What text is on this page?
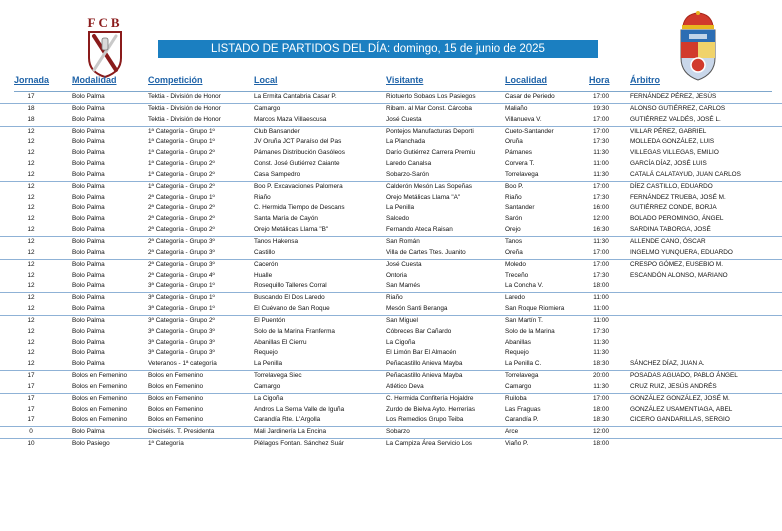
FCB
LISTADO DE PARTIDOS DEL DÍA: domingo, 15 de junio de 2025
Jornada	Modalidad	Competición	Local	Visitante	Localidad	Hora Árbitro
17	Bolo Palma	Tektia - División de Honor	La Ermita Cantabria Casar P.	Riotuerto Sobaos Los Pasiegos	Casar de Periedo	17:00	FERNÁNDEZ PÉREZ, JESÚS
18	Bolo Palma	Tektia - División de Honor	Camargo	Ribam. al Mar Const. Cárcoba	Maliaño	19:30	ALONSO GUTIÉRREZ, CARLOS
18	Bolo Palma	Tektia - División de Honor	Marcos Maza Villaescusa	José Cuesta	Villanueva V.	17:00	GUTIÉRREZ VALDÉS, JOSÉ L.
12	Bolo Palma	1ª Categoría - Grupo 1º	Club Bansander	Pontejos Manufacturas Deporti	Cueto-Santander	17:00	VILLAR PÉREZ, GABRIEL
12	Bolo Palma	1ª Categoría - Grupo 1º	JV Oruña JCT Paraíso del Pas	La Planchada	Oruña	17:30	MOLLEDA GONZÁLEZ, LUIS
12	Bolo Palma	1ª Categoría - Grupo 2º	Pámanes Distribución Gasóleos	Darío Gutiérrez Carrera Premiu	Pámanes	11:30	VILLEGAS VILLEGAS, EMILIO
12	Bolo Palma	1ª Categoría - Grupo 2º	Const. José Gutiérrez Caiante	Laredo Canalsa	Corvera T.	11:00	GARCÍA DÍAZ, JOSÉ LUIS
12	Bolo Palma	1ª Categoría - Grupo 2º	Casa Sampedro	Sobarzo-Sarón	Torrelavega	11:30	CATALÁ CALATAYUD, JUAN CARLOS
12	Bolo Palma	1ª Categoría - Grupo 2º	Boo P. Excavaciones Palomera	Calderón Mesón Las Sopeñas	Boo P.	17:00	DÍEZ CASTILLO, EDUARDO
12	Bolo Palma	2ª Categoría - Grupo 1º	Riaño	Orejo Metálicas Llama "A"	Riaño	17:30	FERNÁNDEZ TRUEBA, JOSÉ M.
12	Bolo Palma	2ª Categoría - Grupo 2º	C. Hermida Tiempo de Descans	La Penilla	Santander	16:00	GUTIÉRREZ CONDE, BORJA
12	Bolo Palma	2ª Categoría - Grupo 2º	Santa María de Cayón	Salcedo	Sarón	12:00	BOLADO PEROMINGO, ÁNGEL
12	Bolo Palma	2ª Categoría - Grupo 2º	Orejo Metálicas Llama "B"	Fernando Ateca Raisan	Orejo	16:30	SARDINA TABORGA, JOSÉ
12	Bolo Palma	2ª Categoría - Grupo 3º	Tanos Hakensa	San Román	Tanos	11:30	ALLENDE CANO, ÓSCAR
12	Bolo Palma	2ª Categoría - Grupo 3º	Castillo	Villa de Cartes Ttes. Juanito	Oreña	17:00	INGELMO YUNQUERA, EDUARDO
12	Bolo Palma	2ª Categoría - Grupo 3º	Cacerón	José Cuesta	Moledo	17:00	CRESPO GÓMEZ, EUSEBIO M.
12	Bolo Palma	2ª Categoría - Grupo 4º	Hualle	Ontoria	Treceño	17:30	ESCANDÓN ALONSO, MARIANO
12	Bolo Palma	3ª Categoría - Grupo 1º	Rosequillo Talleres Corral	San Mamés	La Concha V.	18:00
12	Bolo Palma	3ª Categoría - Grupo 1º	Buscando El Dos Laredo	Riaño	Laredo	11:00
12	Bolo Palma	3ª Categoría - Grupo 1º	El Cuévano de San Roque	Mesón Santi Beranga	San Roque Riomiera	11:00
12	Bolo Palma	3ª Categoría - Grupo 2º	El Puentón	San Miguel	San Martín T.	11:00
12	Bolo Palma	3ª Categoría - Grupo 3º	Solo de la Marina Franferma	Cóbreces Bar Cañardo	Solo de la Marina	17:30
12	Bolo Palma	3ª Categoría - Grupo 3º	Abanillas El Cierru	La Cigoña	Abanillas	11:30
12	Bolo Palma	3ª Categoría - Grupo 3º	Requejo	El Limón Bar El Almacén	Requejo	11:30
12	Bolo Palma	Veteranos - 1ª categoría	La Penilla	Peñacastillo Anieva Mayba	La Penilla C.	18:30	SÁNCHEZ DÍAZ, JUAN A.
17	Bolos en Femenino	Bolos en Femenino	Torrelavega Siec	Peñacastillo Anieva Mayba	Torrelavega	20:00	POSADAS AGUADO, PABLO ÁNGEL
17	Bolos en Femenino	Bolos en Femenino	Camargo	Atlético Deva	Camargo	11:30	CRUZ RUIZ, JESÚS ANDRÉS
17	Bolos en Femenino	Bolos en Femenino	La Cigoña	C. Hermida Confitería Hojaldre	Ruiloba	17:00	GONZÁLEZ GONZÁLEZ, JOSÉ M.
17	Bolos en Femenino	Bolos en Femenino	Andros La Serna Valle de Iguña	Zurdo de Bielva Ayto. Herrerías	Las Fraguas	18:00	GONZÁLEZ USAMENTIAGA, ABEL
17	Bolos en Femenino	Bolos en Femenino	Carandía Rte. L'Argolla	Los Remedios Grupo Teiba	Carandía P.	18:30	CICERO GANDARILLAS, SERGIO
0	Bolo Palma	Dieciséis. T. Presidenta	Mali Jardinería La Encina	Sobarzo	Arce	12:00
10	Bolo Pasiego	1ª Categoría	Piélagos Fontan. Sánchez Suár	La Campiza Área Servicio Los	Viaño P.	18:00
